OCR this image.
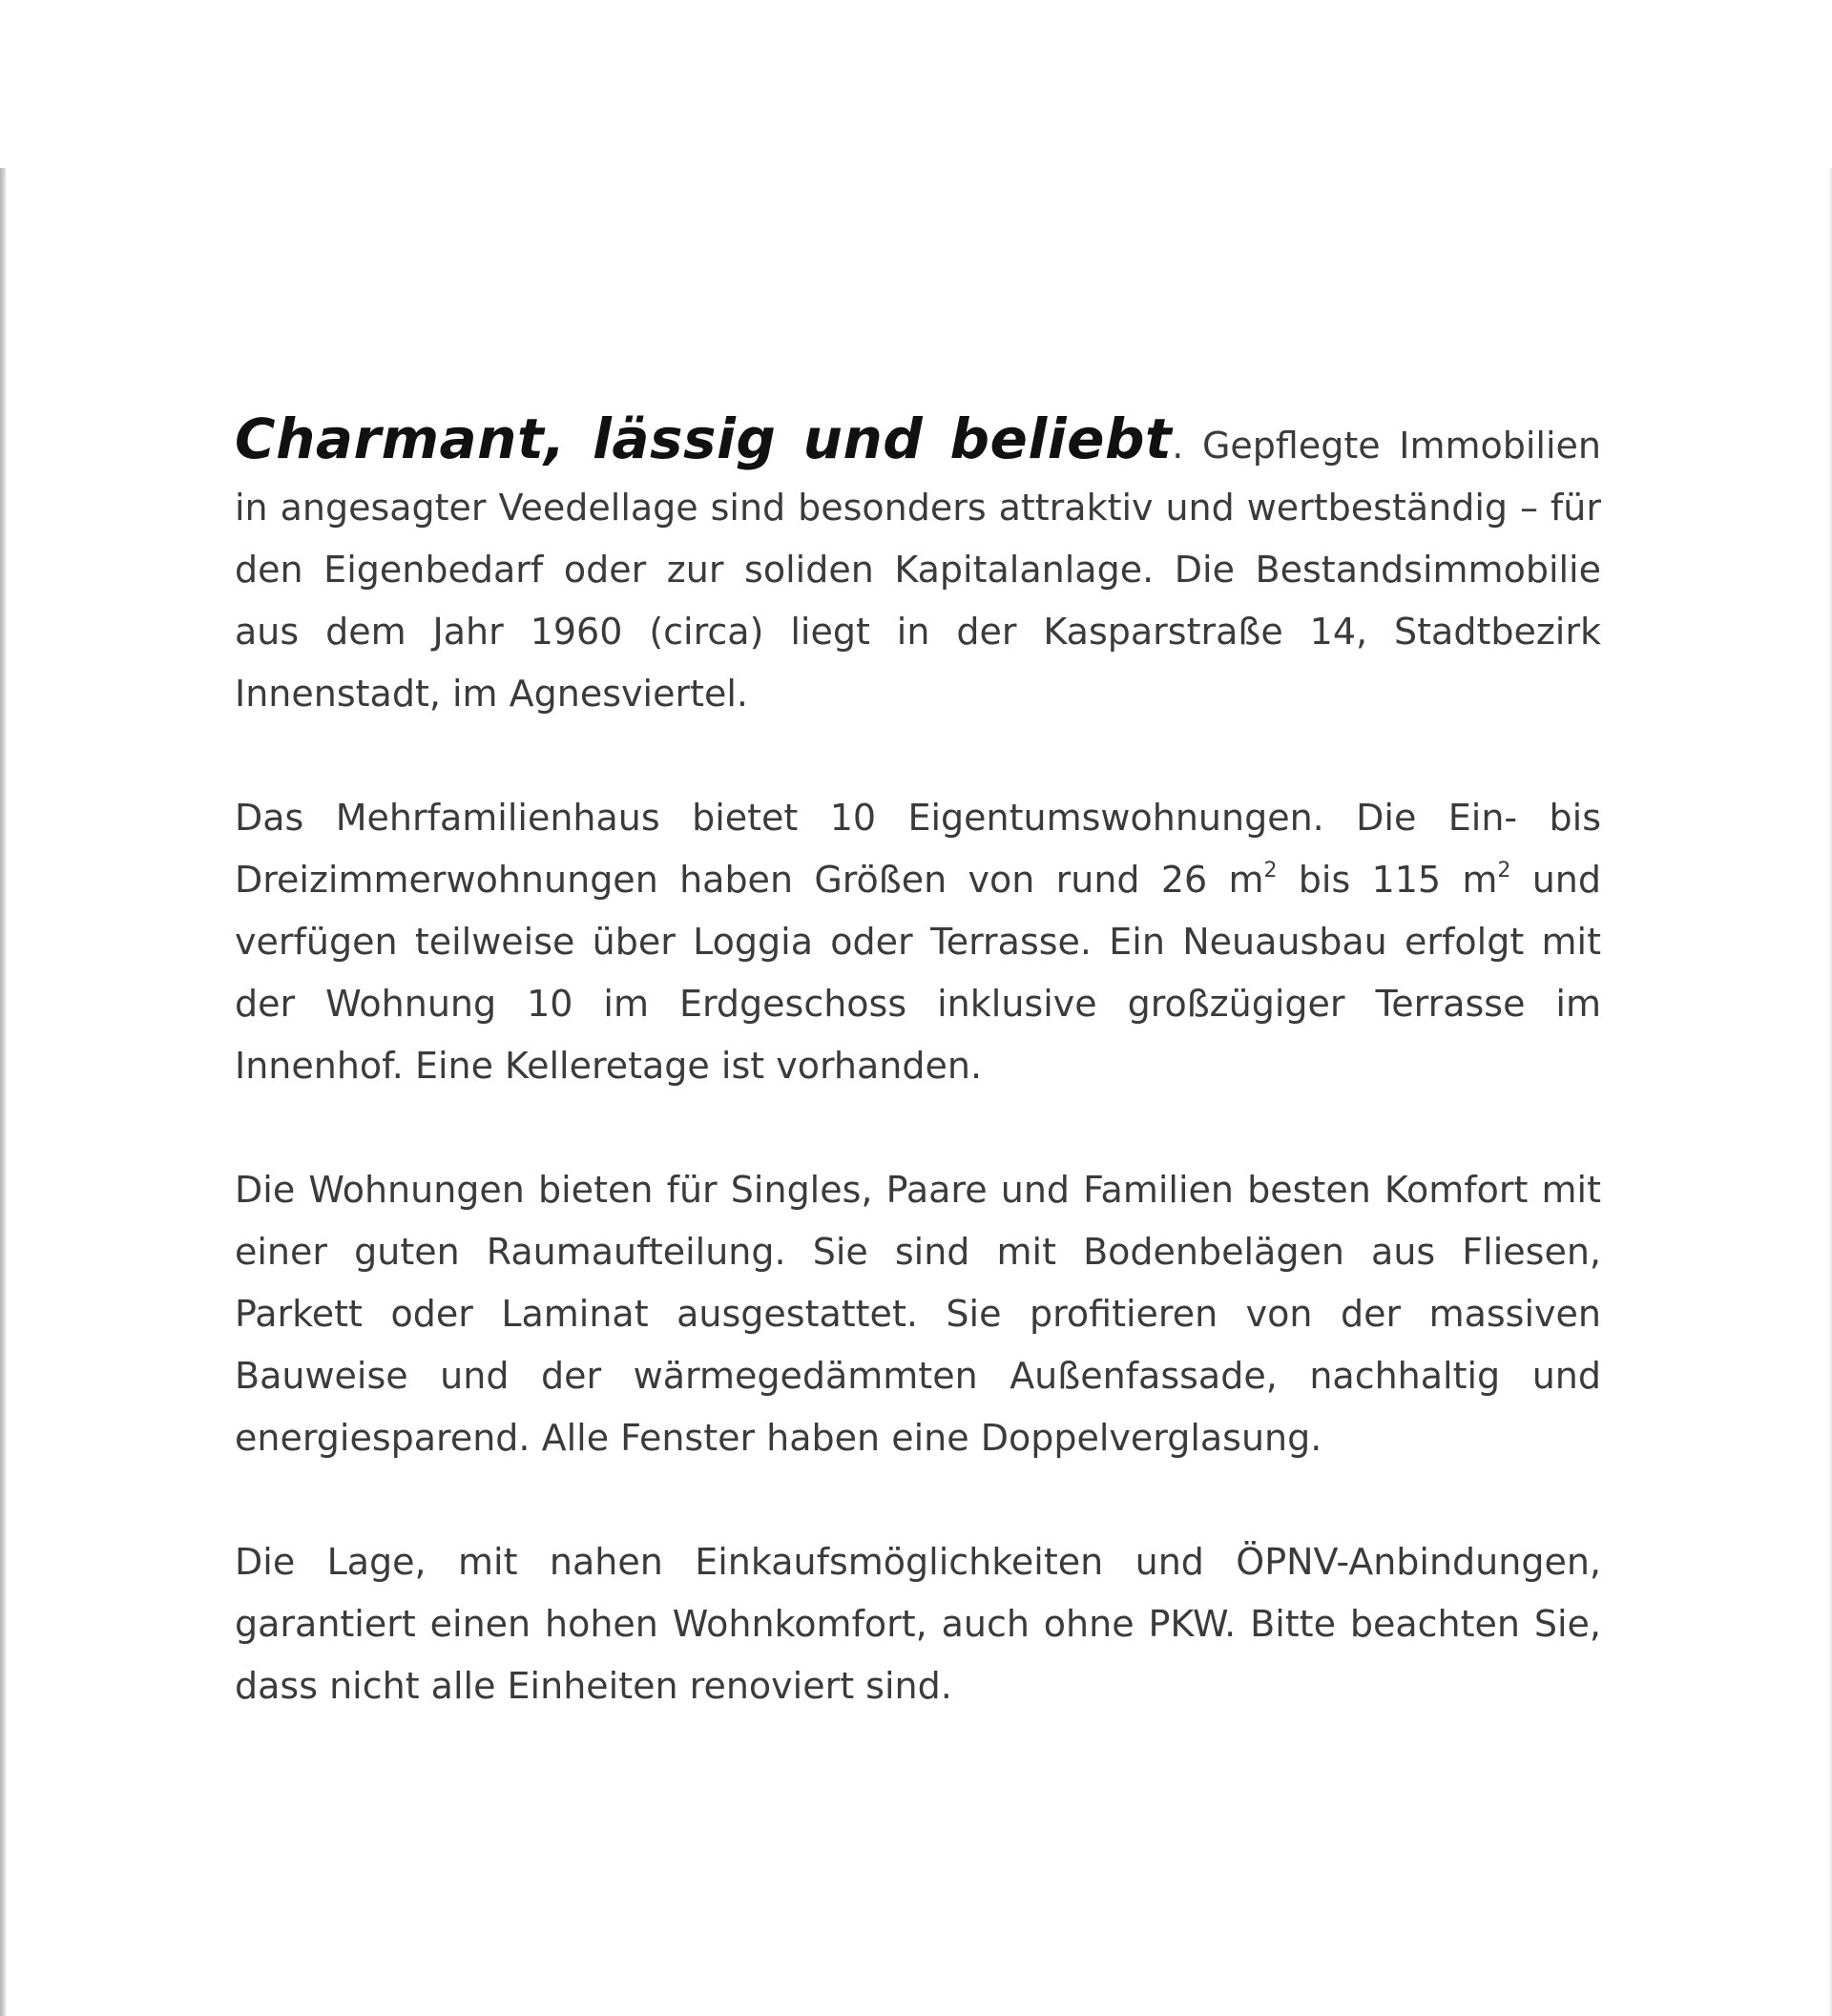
Charmant, lässig und beliebt. Gepflegte Immobilien in angesagter Veedellage sind besonders attraktiv und wertbeständig – für den Eigenbedarf oder zur soliden Kapitalanlage. Die Bestandsimmobilie aus dem Jahr 1960 (circa) liegt in der Kasparstraße 14, Stadtbezirk Innenstadt, im Agnesviertel.

Das Mehrfamilienhaus bietet 10 Eigentumswohnungen. Die Ein- bis Dreizimmerwohnungen haben Größen von rund 26 $m^2$ bis 115 $m^2$ und verfügen teilweise über Loggia oder Terrasse. Ein Neuausbau erfolgt mit der Wohnung 10 im Erdgeschoss inklusive großzügiger Terrasse im Innenhof. Eine Kelleretage ist vorhanden.

Die Wohnungen bieten für Singles, Paare und Familien besten Komfort mit einer guten Raumaufteilung. Sie sind mit Bodenbelägen aus Fliesen, Parkett oder Laminat ausgestattet. Sie profitieren von der massiven Bauweise und der wärmegedämmten Außenfassade, nachhaltig und energiesparend. Alle Fenster haben eine Doppelverglasung.

Die Lage, mit nahen Einkaufsmöglichkeiten und ÖPNV-Anbindungen, garantiert einen hohen Wohnkomfort, auch ohne PKW. Bitte beachten Sie, dass nicht alle Einheiten renoviert sind.
